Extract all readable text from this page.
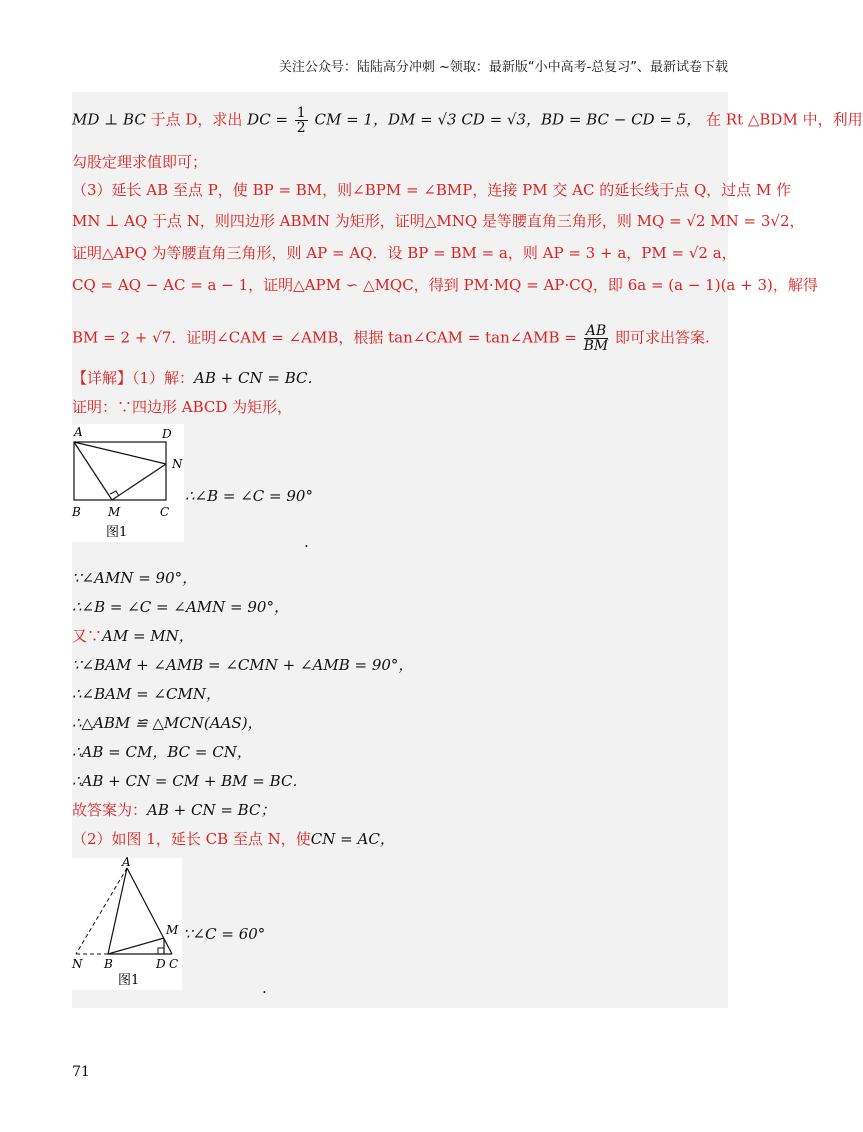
关注公众号：陆陆高分冲刺 ~领取：最新版“小中高考-总复习”、最新试卷下载
MD ⊥ BC 于点 D，求出 DC = $\frac{1}{2}$ CM = 1，DM = √3 CD = √3，BD = BC − CD = 5， 在 Rt △BDM 中，利用
勾股定理求值即可；
（3）延长 AB 至点 P，使 BP = BM，则∠BPM = ∠BMP，连接 PM 交 AC 的延长线于点 Q，过点 M 作
MN ⊥ AQ 于点 N，则四边形 ABMN 为矩形，证明△MNQ 是等腰直角三角形，则 MQ = √2 MN = 3√2，
证明△APQ 为等腰直角三角形，则 AP = AQ．设 BP = BM = a，则 AP = 3 + a，PM = √2 a，
CQ = AQ − AC = a − 1，证明△APM ∽ △MQC，得到 PM·MQ = AP·CQ，即 6a = (a − 1)(a + 3)，解得
BM = 2 + √7．证明∠CAM = ∠AMB，根据 tan∠CAM = tan∠AMB = $\frac{AB}{BM}$ 即可求出答案.
【详解】（1）解：AB + CN = BC．
证明：∵四边形 ABCD 为矩形，
A	D
N
B M	C
图1
∴∠B = ∠C = 90°
.
∵∠AMN = 90°，
∴∠B = ∠C = ∠AMN = 90°，
又∵AM = MN，
∵∠BAM + ∠AMB = ∠CMN + ∠AMB = 90°，
∴∠BAM = ∠CMN，
∴△ABM ≌ △MCN(AAS)，
∴AB = CM，BC = CN，
∴AB + CN = CM + BM = BC．
故答案为：AB + CN = BC；
（2）如图 1，延长 CB 至点 N，使CN = AC，
A
M
N B	D C
图1
∵∠C = 60°
.
71
